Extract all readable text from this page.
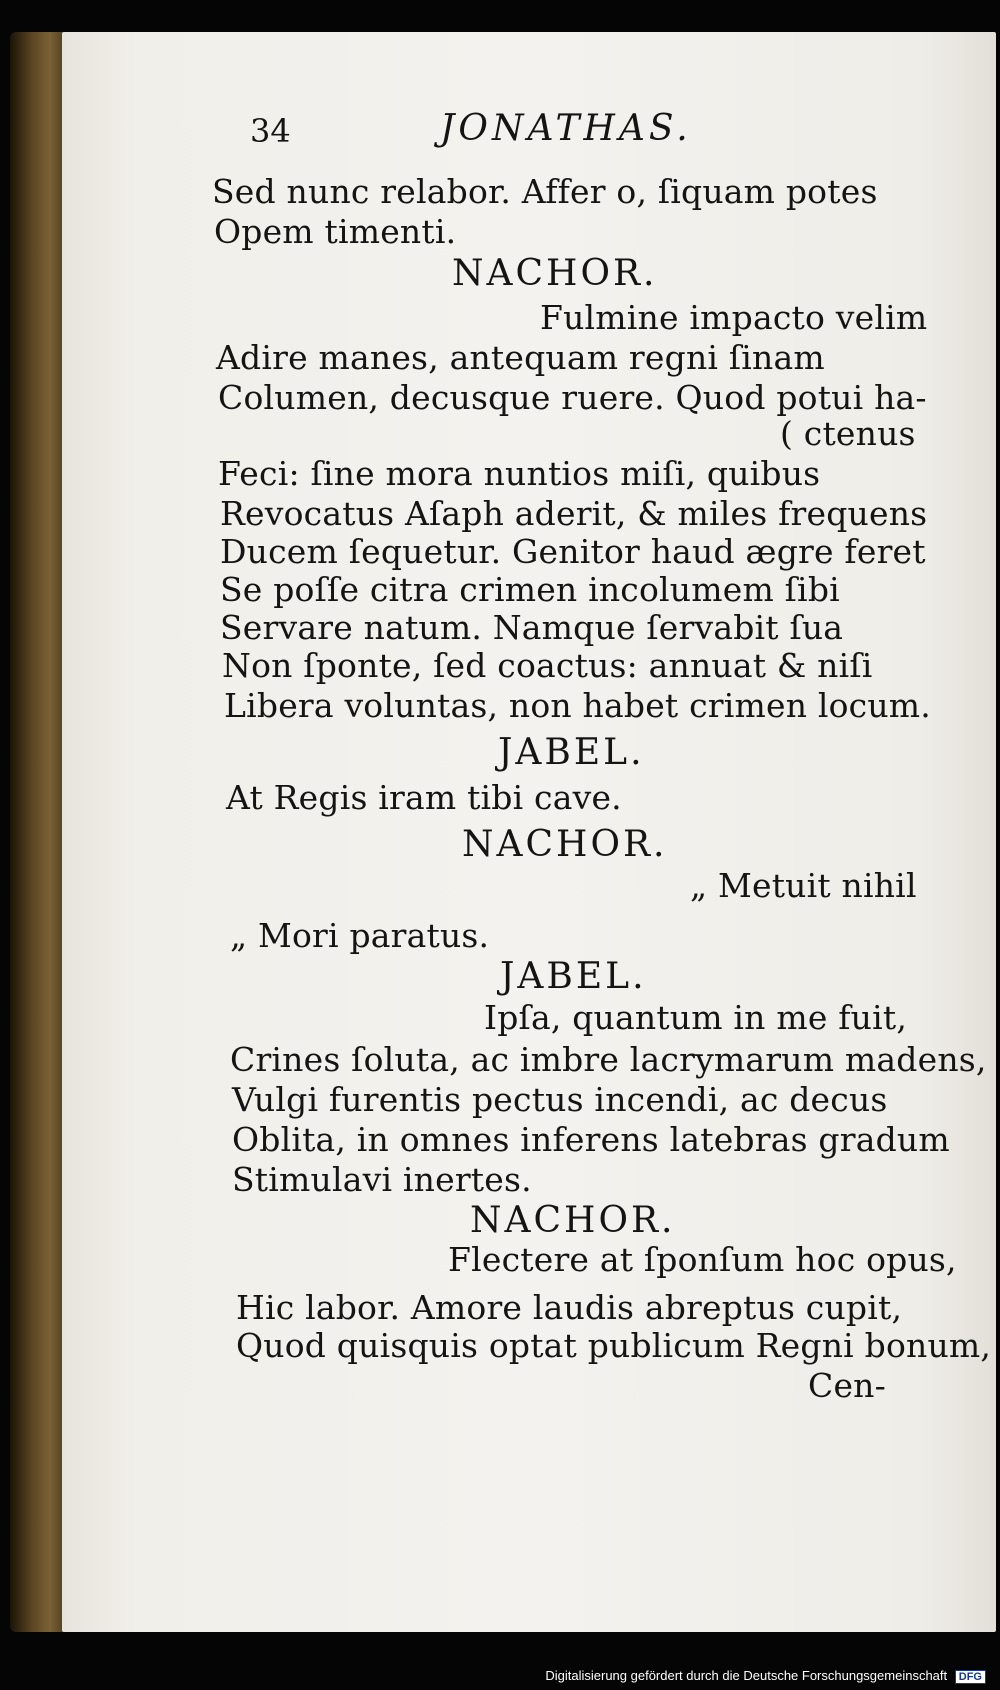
34	JONATHAS.
Sed nunc relabor. Affer o, ſiquam potes
Opem timenti.
NACHOR.
Fulmine impacto velim
Adire manes, antequam regni ſinam
Columen, decusque ruere. Quod potui ha-
( ctenus
Feci: ſine mora nuntios miſi, quibus
Revocatus Aſaph aderit, & miles frequens
Ducem ſequetur. Genitor haud ægre feret
Se poſſe citra crimen incolumem ſibi
Servare natum. Namque ſervabit ſua
Non ſponte, ſed coactus: annuat & niſi
Libera voluntas, non habet crimen locum.
JABEL.
At Regis iram tibi cave.
NACHOR.
„ Metuit nihil
„ Mori paratus.
JABEL.
Ipſa, quantum in me fuit,
Crines ſoluta, ac imbre lacrymarum madens,
Vulgi furentis pectus incendi, ac decus
Oblita, in omnes inferens latebras gradum
Stimulavi inertes.
NACHOR.
Flectere at ſponſum hoc opus,
Hic labor. Amore laudis abreptus cupit,
Quod quisquis optat publicum Regni bonum,
Cen-
Digitalisierung gefördert durch die Deutsche Forschungsgemeinschaft DFG
